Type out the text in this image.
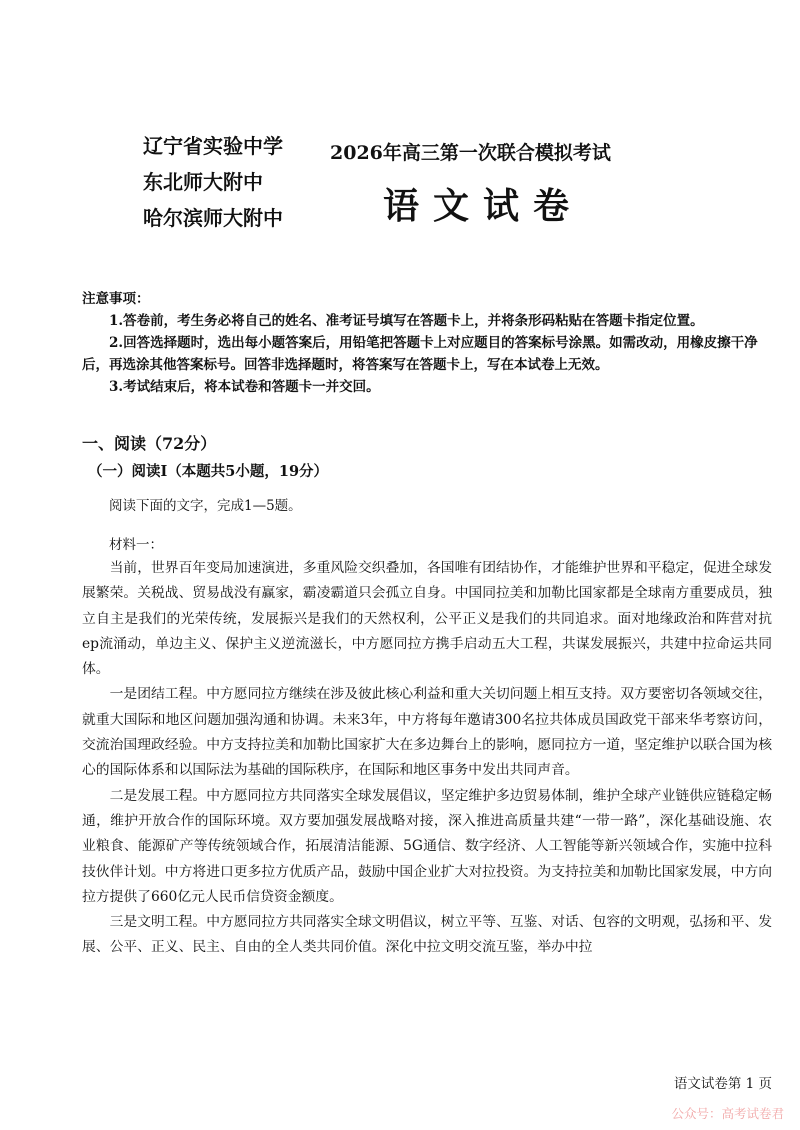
辽宁省实验中学
东北师大附中
哈尔滨师大附中
2026年高三第一次联合模拟考试
语文试卷
注意事项：

1.答卷前，考生务必将自己的姓名、准考证号填写在答题卡上，并将条形码粘贴在答题卡指定位置。

2.回答选择题时，选出每小题答案后，用铅笔把答题卡上对应题目的答案标号涂黑。如需改动，用橡皮擦干净后，再选涂其他答案标号。回答非选择题时，将答案写在答题卡上，写在本试卷上无效。

3.考试结束后，将本试卷和答题卡一并交回。

一、阅读（72分）
（一）阅读Ⅰ（本题共5小题，19分）
阅读下面的文字，完成1—5题。
材料一：

当前，世界百年变局加速演进，多重风险交织叠加，各国唯有团结协作，才能维护世界和平稳定，促进全球发展繁荣。关税战、贸易战没有赢家，霸凌霸道只会孤立自身。中国同拉美和加勒比国家都是全球南方重要成员，独立自主是我们的光荣传统，发展振兴是我们的天然权利，公平正义是我们的共同追求。面对地缘政治和阵营对抗ep流涌动，单边主义、保护主义逆流滋长，中方愿同拉方携手启动五大工程，共谋发展振兴，共建中拉命运共同体。

一是团结工程。中方愿同拉方继续在涉及彼此核心利益和重大关切问题上相互支持。双方要密切各领域交往，就重大国际和地区问题加强沟通和协调。未来3年，中方将每年邀请300名拉共体成员国政党干部来华考察访问，交流治国理政经验。中方支持拉美和加勒比国家扩大在多边舞台上的影响，愿同拉方一道，坚定维护以联合国为核心的国际体系和以国际法为基础的国际秩序，在国际和地区事务中发出共同声音。

二是发展工程。中方愿同拉方共同落实全球发展倡议，坚定维护多边贸易体制，维护全球产业链供应链稳定畅通，维护开放合作的国际环境。双方要加强发展战略对接，深入推进高质量共建“一带一路”，深化基础设施、农业粮食、能源矿产等传统领域合作，拓展清洁能源、5G通信、数字经济、人工智能等新兴领域合作，实施中拉科技伙伴计划。中方将进口更多拉方优质产品，鼓励中国企业扩大对拉投资。为支持拉美和加勒比国家发展，中方向拉方提供了660亿元人民币信贷资金额度。

三是文明工程。中方愿同拉方共同落实全球文明倡议，树立平等、互鉴、对话、包容的文明观，弘扬和平、发展、公平、正义、民主、自由的全人类共同价值。深化中拉文明交流互鉴，举办中拉

语文试卷第 1 页
公众号：高考试卷君
